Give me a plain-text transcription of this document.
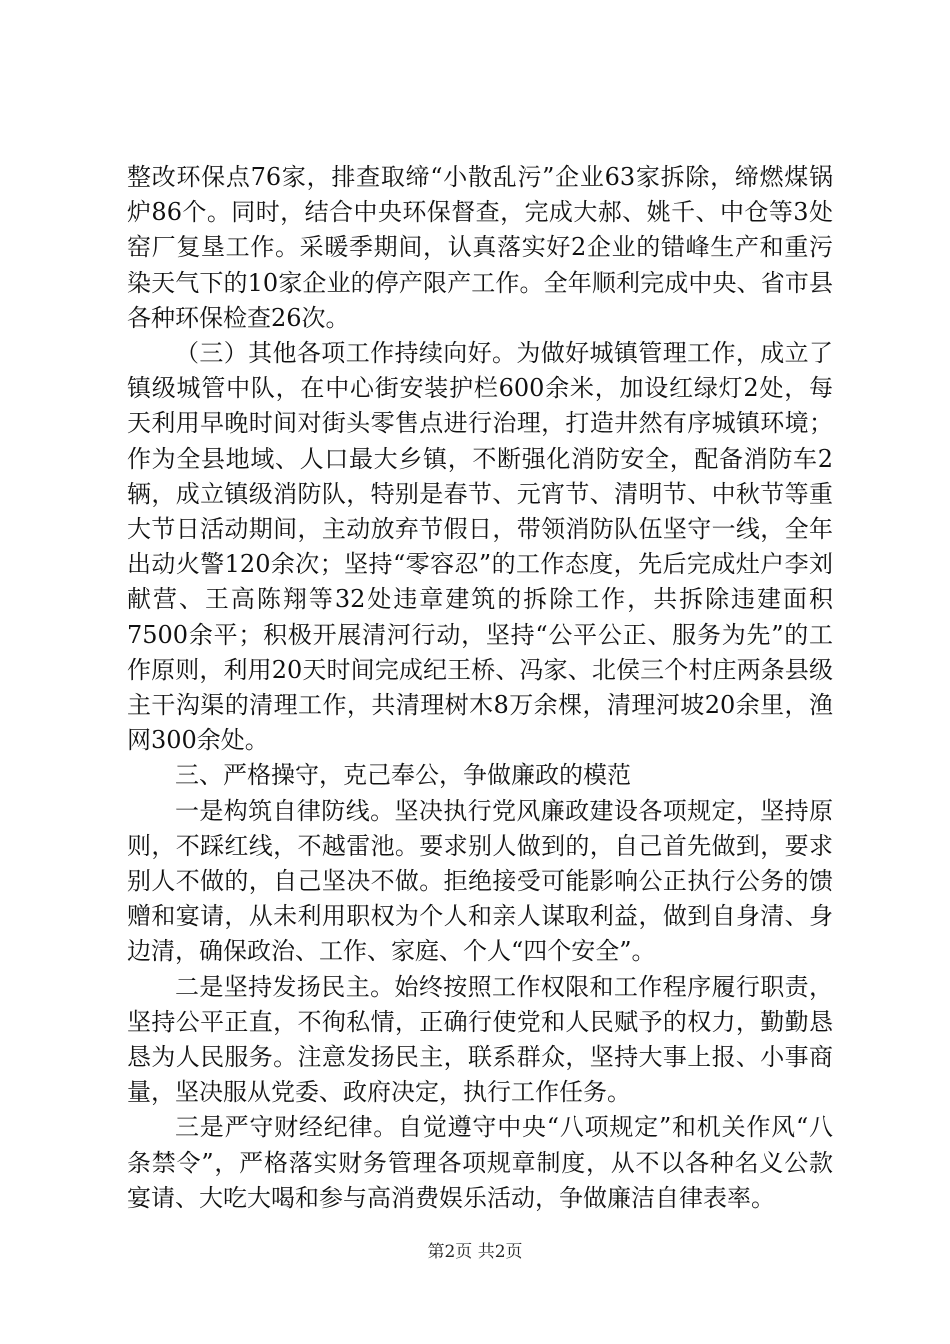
整改环保点76家，排查取缔“小散乱污”企业63家拆除，缔燃煤锅炉86个。同时，结合中央环保督查，完成大郝、姚千、中仓等3处窑厂复垦工作。采暖季期间，认真落实好2企业的错峰生产和重污染天气下的10家企业的停产限产工作。全年顺利完成中央、省市县各种环保检查26次。

（三）其他各项工作持续向好。为做好城镇管理工作，成立了镇级城管中队，在中心街安装护栏600余米，加设红绿灯2处，每天利用早晚时间对街头零售点进行治理，打造井然有序城镇环境；作为全县地域、人口最大乡镇，不断强化消防安全，配备消防车2辆，成立镇级消防队，特别是春节、元宵节、清明节、中秋节等重大节日活动期间，主动放弃节假日，带领消防队伍坚守一线，全年出动火警120余次；坚持“零容忍”的工作态度，先后完成灶户李刘献营、王高陈翔等32处违章建筑的拆除工作，共拆除违建面积7500余平；积极开展清河行动，坚持“公平公正、服务为先”的工作原则，利用20天时间完成纪王桥、冯家、北侯三个村庄两条县级主干沟渠的清理工作，共清理树木8万余棵，清理河坡20余里，渔网300余处。

三、严格操守，克己奉公，争做廉政的模范

一是构筑自律防线。坚决执行党风廉政建设各项规定，坚持原则，不踩红线，不越雷池。要求别人做到的，自己首先做到，要求别人不做的，自己坚决不做。拒绝接受可能影响公正执行公务的馈赠和宴请，从未利用职权为个人和亲人谋取利益，做到自身清、身边清，确保政治、工作、家庭、个人“四个安全”。

二是坚持发扬民主。始终按照工作权限和工作程序履行职责，坚持公平正直，不徇私情，正确行使党和人民赋予的权力，勤勤恳恳为人民服务。注意发扬民主，联系群众，坚持大事上报、小事商量，坚决服从党委、政府决定，执行工作任务。

三是严守财经纪律。自觉遵守中央“八项规定”和机关作风“八条禁令”，严格落实财务管理各项规章制度，从不以各种名义公款宴请、大吃大喝和参与高消费娱乐活动，争做廉洁自律表率。

第2页 共2页
